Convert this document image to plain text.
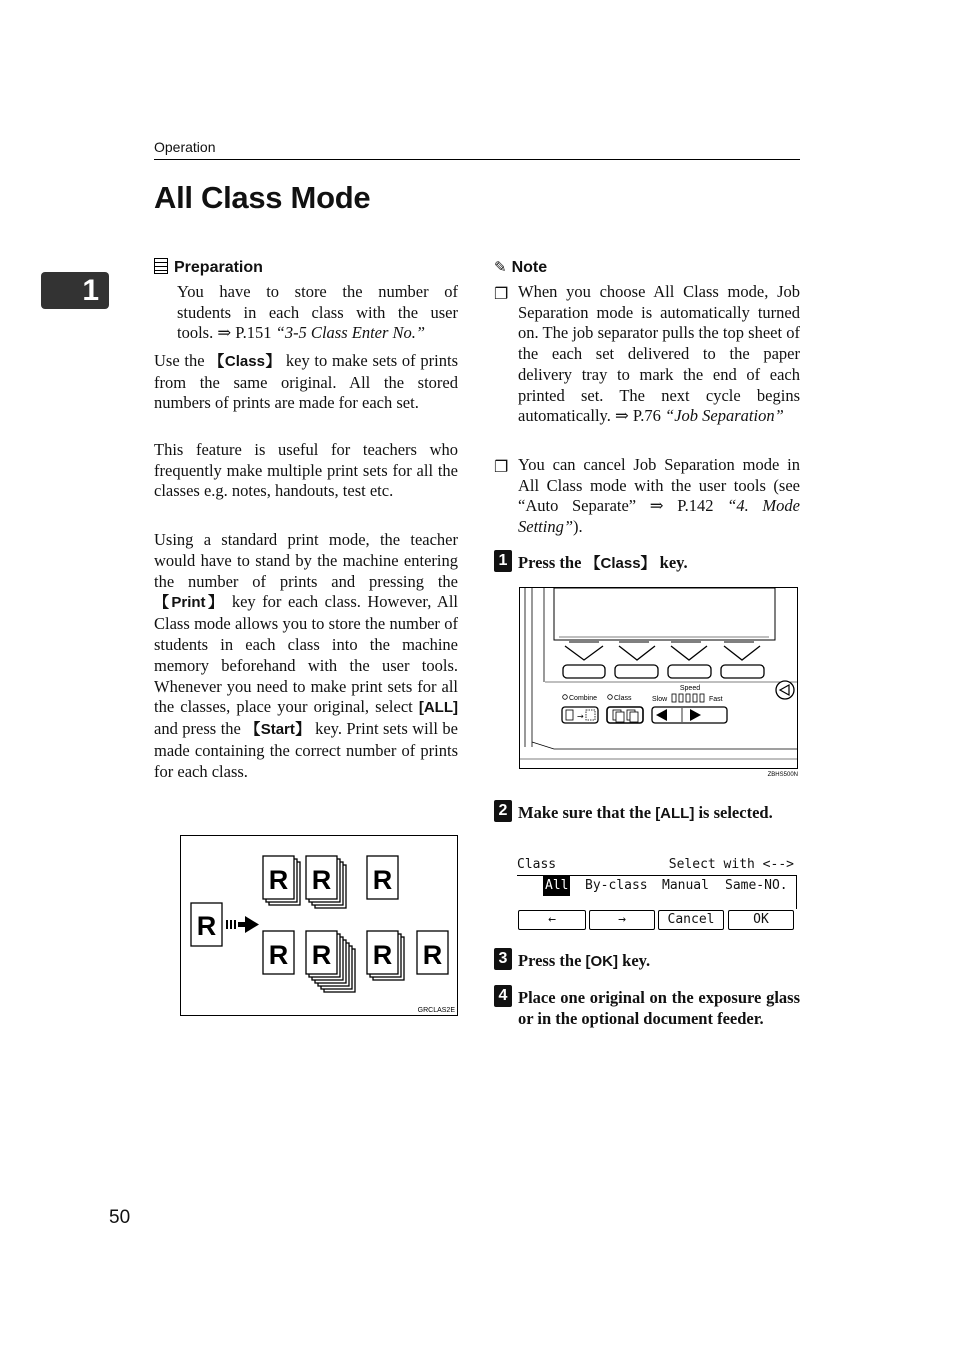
Operation
All Class Mode
1
Preparation

You have to store the number of

students in each class with the user

tools. ⇒ P.151 “3-5 Class Enter No.”

Use the 【Class】 key to make sets of prints from the same original. All the stored numbers of prints are made for each set.

This feature is useful for teachers who frequently make multiple print sets for all the classes e.g. notes, handouts, test etc.

Using a standard print mode, the teacher would have to stand by the machine entering the number of prints and pressing the 【Print】 key for each class. However, All Class mode allows you to store the number of students in each class into the machine memory beforehand with the user tools. Whenever you need to make print sets for all the classes, place your original, select [ALL] and press the 【Start】 key. Print sets will be made containing the correct number of prints for each class.

R
R R R
R R R R
GRCLAS2E
✎ Note
❐ When you choose All Class mode, Job Separation mode is automatically turned on. The job separator pulls the top sheet of the each set delivered to the paper delivery tray to mark the end of each printed set. The next cycle begins automatically. ⇒ P.76 “Job Separation”

❐ You can cancel Job Separation mode in All Class mode with the user tools (see “Auto Separate” ⇒ P.142 “4. Mode Setting”).

1 Press the 【Class】 key.
Combine Class
Speed
Slow	Fast
→
ZBHS500N
2 Make sure that the [ALL] is selected.
Class	Select with <-->
All By-class Manual Same-NO.
←	→	Cancel	OK
3 Press the [OK] key.
4 Place one original on the exposure glass or in the optional document feeder.
50
